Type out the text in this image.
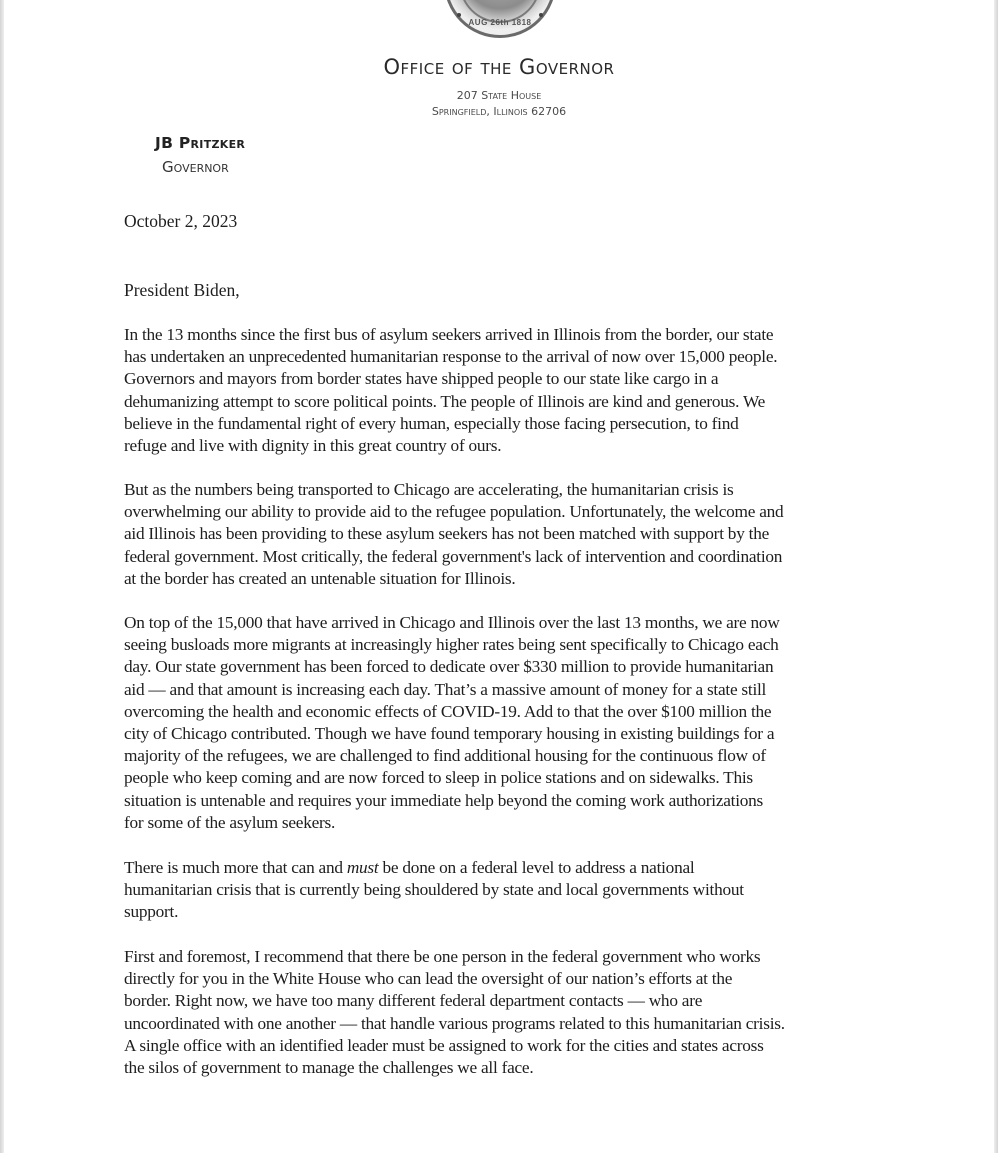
AUG 26th 1818
Office of the Governor
207 State House
Springfield, Illinois 62706
JB Pritzker
Governor
October 2, 2023
President Biden,

In the 13 months since the first bus of asylum seekers arrived in Illinois from the border, our state
has undertaken an unprecedented humanitarian response to the arrival of now over 15,000 people.
Governors and mayors from border states have shipped people to our state like cargo in a
dehumanizing attempt to score political points. The people of Illinois are kind and generous. We
believe in the fundamental right of every human, especially those facing persecution, to find
refuge and live with dignity in this great country of ours.

But as the numbers being transported to Chicago are accelerating, the humanitarian crisis is
overwhelming our ability to provide aid to the refugee population. Unfortunately, the welcome and
aid Illinois has been providing to these asylum seekers has not been matched with support by the
federal government. Most critically, the federal government's lack of intervention and coordination
at the border has created an untenable situation for Illinois.

On top of the 15,000 that have arrived in Chicago and Illinois over the last 13 months, we are now
seeing busloads more migrants at increasingly higher rates being sent specifically to Chicago each
day. Our state government has been forced to dedicate over $330 million to provide humanitarian
aid — and that amount is increasing each day. That’s a massive amount of money for a state still
overcoming the health and economic effects of COVID-19. Add to that the over $100 million the
city of Chicago contributed. Though we have found temporary housing in existing buildings for a
majority of the refugees, we are challenged to find additional housing for the continuous flow of
people who keep coming and are now forced to sleep in police stations and on sidewalks. This
situation is untenable and requires your immediate help beyond the coming work authorizations
for some of the asylum seekers.

There is much more that can and must be done on a federal level to address a national
humanitarian crisis that is currently being shouldered by state and local governments without
support.

First and foremost, I recommend that there be one person in the federal government who works
directly for you in the White House who can lead the oversight of our nation’s efforts at the
border. Right now, we have too many different federal department contacts — who are
uncoordinated with one another — that handle various programs related to this humanitarian crisis.
A single office with an identified leader must be assigned to work for the cities and states across
the silos of government to manage the challenges we all face.
